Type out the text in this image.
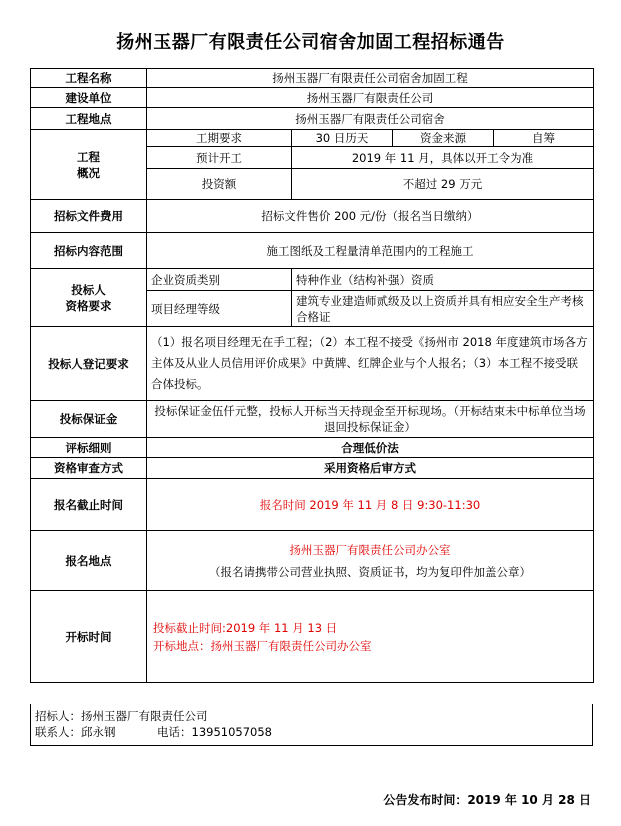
扬州玉器厂有限责任公司宿舍加固工程招标通告
工程名称	扬州玉器厂有限责任公司宿舍加固工程			
建设单位	扬州玉器厂有限责任公司			
工程地点	扬州玉器厂有限责任公司宿舍			

工程
概况	工期要求	30 日历天	资金来源	自筹
	预计开工	2019 年 11 月，具体以开工令为准		
	投资额	不超过 29 万元		
招标文件费用	招标文件售价 200 元/份（报名当日缴纳）			
招标内容范围	施工图纸及工程量清单范围内的工程施工			

投标人
资格要求	企业资质类别	特种作业（结构补强）资质		
	项目经理等级	建筑专业建造师贰级及以上资质并具有相应安全生产考核合格证		
投标人登记要求	（1）报名项目经理无在手工程；（2）本工程不接受《扬州市 2018 年度建筑市场各方主体及从业人员信用评价成果》中黄牌、红牌企业与个人报名；（3）本工程不接受联合体投标。			
投标保证金	投标保证金伍仟元整，投标人开标当天持现金至开标现场。（开标结束未中标单位当场退回投标保证金）			
评标细则	合理低价法			
资格审查方式	采用资格后审方式			
报名截止时间	报名时间 2019 年 11 月 8 日 9:30-11:30			
报名地点	扬州玉器厂有限责任公司办公室
（报名请携带公司营业执照、资质证书，均为复印件加盖公章）			

开标时间	投标截止时间:2019 年 11 月 13 日
开标地点：扬州玉器厂有限责任公司办公室			
招标人：扬州玉器厂有限责任公司
联系人：邱永钢	电话：13951057058
公告发布时间：2019 年 10 月 28 日
